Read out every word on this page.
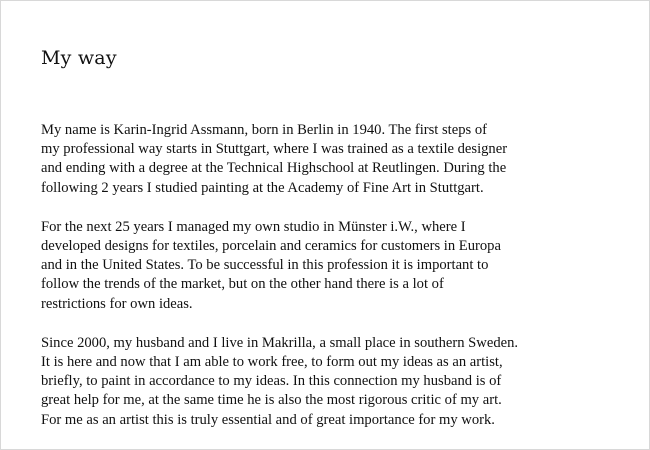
My way

My name is Karin-Ingrid Assmann, born in Berlin in 1940. The first steps of
my professional way starts in Stuttgart, where I was trained as a textile designer
and ending with a degree at the Technical Highschool at Reutlingen. During the
following 2 years I studied painting at the Academy of Fine Art in Stuttgart.

For the next 25 years I managed my own studio in Münster i.W., where I
developed designs for textiles, porcelain and ceramics for customers in Europa
and in the United States. To be successful in this profession it is important to
follow the trends of the market, but on the other hand there is a lot of
restrictions for own ideas.

Since 2000, my husband and I live in Makrilla, a small place in southern Sweden.
It is here and now that I am able to work free, to form out my ideas as an artist,
briefly, to paint in accordance to my ideas. In this connection my husband is of
great help for me, at the same time he is also the most rigorous critic of my art.
For me as an artist this is truly essential and of great importance for my work.
